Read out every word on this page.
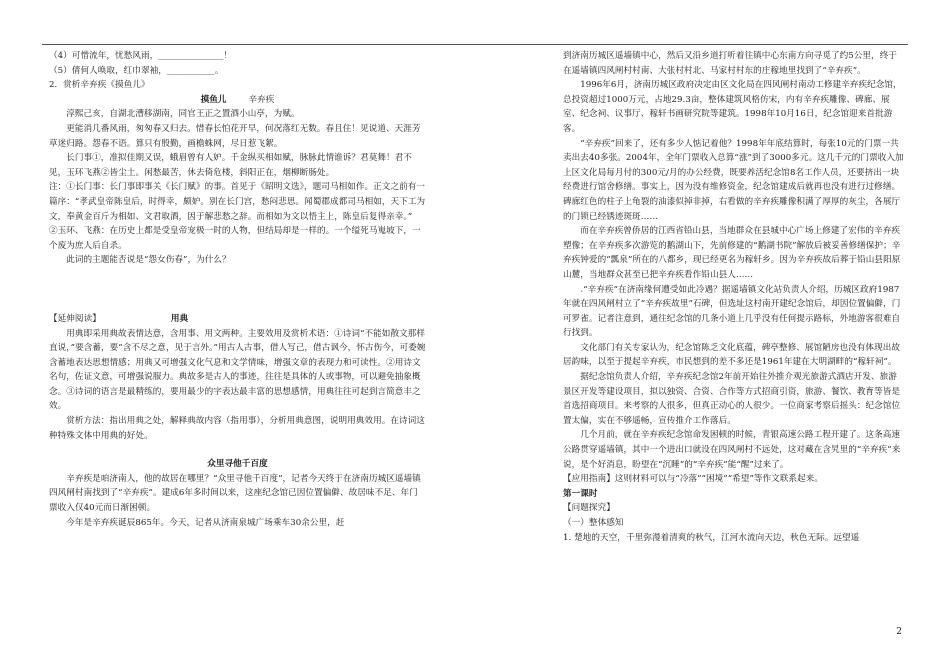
（4）可惜流年，忧愁风雨，_______________！

（5）倩何人唤取，红巾翠袖，___________。

2．赏析辛弃疾《摸鱼儿》

摸鱼儿	辛弃疾

淳熙己亥，自湖北漕移湖南，同官王正之置酒小山亭，为赋。

更能消几番风雨，匆匆春又归去。惜春长怕花开早，何况落红无数。春且住！见说道、天涯芳草迷归路。怨春不语。算只有殷勤，画檐蛛网，尽日惹飞絮。

长门事①，准拟佳期又误，蛾眉曾有人妒。千金纵买相如赋，脉脉此情谁诉？君莫舞！君不见，玉环飞燕②皆尘土。闲愁最苦，休去倚危楼，斜阳正在，烟柳断肠处。

注：①长门事：长门事即事关《长门赋》的事。首见于《昭明文选》，题司马相如作。正文之前有一篇序：“孝武皇帝陈皇后，时得幸，颇妒。别在长门宫，愁闷悲思。闻蜀郡成都司马相如，天下工为文，奉黄金百斤为相如、文君取酒，因于解悲愁之辞。而相如为文以悟主上，陈皇后复得亲幸。”

②玉环、飞燕：在历史上都是受皇帝宠极一时的人物，但结局却是一样的。一个缢死马嵬坡下，一个废为庶人后自杀。

此词的主题能否说是“怨女伤春”，为什么？

【延伸阅读】	用典

用典即采用典故表情达意，含用事、用文两种。主要效用及赏析术语：①诗词“不能如散文那样直说，”要含蓄，要“含不尽之意，见于言外。”用古人古事，借人写己，借古讽今，怀古伤今，可委婉含蓄地表达思想情感；用典又可增强文化气息和文学情味，增强文章的表现力和可读性。②用诗文名句，佐证文意，可增强说服力。典故多是古人的事迹，往往是具体的人或事物，可以避免抽象概念。③诗词的语言是最精练的，要用最少的字表达最丰富的思想感情，用典往往可起到言简意丰之效。

赏析方法：指出用典之处，解释典故内容（指用事），分析用典意图，说明用典效用。在诗词这种特殊文体中用典的好处。

众里寻他千百度

辛弃疾是咱济南人，他的故居在哪里？“众里寻他千百度”，记者今天终于在济南历城区遥墙镇四风闸村南找到了“辛弃疾”。建成6年多时间以来，这座纪念馆已因位置偏僻、故居味不足、年门票收入仅40元而日渐困顿。

今年是辛弃疾诞辰865年。今天，记者从济南泉城广场乘车30余公里，赶

到济南历城区遥墙镇中心，然后又沿乡道打听着往镇中心东南方向寻觅了约5公里，终于在遥墙镇四风闸村村南、大张村村北、马家村村东的庄稼地里找到了“辛弃疾”。

1996年6月，济南历城区政府决定由区文化局在四风闸村南动工修建辛弃疾纪念馆，总投资超过1000万元，占地29.3亩，整体建筑风格仿宋，内有辛弃疾雕像、碑廊、展室、纪念祠、议事厅、稼轩书画研究院等建筑。1998年10月16日，纪念馆迎来首批游客。

“辛弃疾”回来了，还有多少人惦记着他？1998年年底结算时，每张10元的门票一共卖出去40多张。2004年，全年门票收入总算“涨”到了3000多元。这几千元的门票收入加上区文化局每月付的300元/月的办公经费，既要养活纪念馆8名工作人员，还要挤出一块经费进行馆舍修缮。事实上，因为没有维修资金，纪念馆建成后就再也没有进行过修缮。碑廊红色的柱子上龟裂的油漆似掉非掉，右看做的辛弃疾雕像积满了厚厚的灰尘，各展厅的门锁已经锈迹斑斑……

而在辛弃疾曾侨居的江西省铅山县，当地群众在县城中心广场上修建了宏伟的辛弃疾塑像；在辛弃疾多次游览的鹅湖山下，先前修建的“鹅湖书院”解放后被妥善修缮保护；辛弃疾钟爱的“瓢泉”所在的八都乡，现已经更名为稼轩乡。因为辛弃疾故后葬于铅山县阳原山麓，当地群众甚至已把辛弃疾看作铅山县人……

.“辛弃疾”在济南缘何遭受如此冷遇？据遥墙镇文化站负责人介绍，历城区政府1987年就在四风闸村立了“辛弃疾故里”石碑，但选址这村南开建纪念馆后，却因位置偏僻，门可罗雀。记者注意到，通往纪念馆的几条小道上几乎没有任何提示路标，外地游客很难自行找到。

文化部门有关专家认为，纪念馆陈乏文化底蕴，碑亭整修、展馆陋房也没有体现出故居韵味，以至于提起辛弃疾，市民想到的差不多还是1961年建在大明湖畔的“稼轩祠”。

据纪念馆负责人介绍，辛弃疾纪念馆2年前开始往外推介观光旅游式酒店开发、旅游景区开发等建设项目，拟以独资、合资、合作等方式招商引资，旅游、餐饮、教育等皆是首选招商项目。来考察的人很多，但真正动心的人很少。一位商家考察后摇头：纪念馆位置太偏，实在不够遥畅，宣传推介工作落后。

几个月前，就在辛弃疾纪念馆命发困顿的时候，青银高速公路工程开建了。这条高速公路贯穿遥墙镇，其中一个进出口就设在四风闸村不远处，这对藏在含旯里的“辛弃疾”来说，是个好消息，盼望在“沉睡”的“辛弃疾”能“醒”过来了。

【应用指南】这则材料可以与“冷落”“困境”“希望”等作文联系起来。

第一课时

【问题探究】

（一）整体感知

1. 楚地的天空，千里弥漫着清爽的秋气，江河水流向天边，秋色无际。远望遥

2
